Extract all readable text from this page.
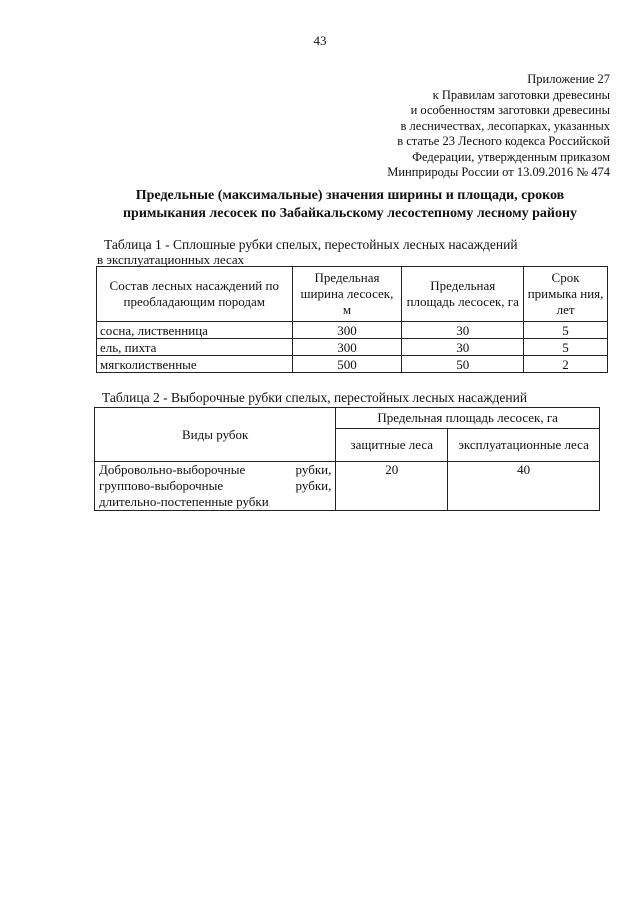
43
Приложение 27
к Правилам заготовки древесины
и особенностям заготовки древесины
в лесничествах, лесопарках, указанных
в статье 23 Лесного кодекса Российской
Федерации, утвержденным приказом
Минприроды России от 13.09.2016 № 474
Предельные (максимальные) значения ширины и площади, сроков
примыкания лесосек по Забайкальскому лесостепному лесному району
Таблица 1 - Сплошные рубки спелых, перестойных лесных насаждений
в эксплуатационных лесах
Состав лесных насаждений по преобладающим породам	Предельная ширина лесосек, м	Предельная площадь лесосек, га	Срок примыка ния, лет
сосна, лиственница	300	30	5
ель, пихта	300	30	5
мягколиственные	500	50	2
Таблица 2 - Выборочные рубки спелых, перестойных лесных насаждений
Виды рубок	Предельная площадь лесосек, га	
	защитные леса	эксплуатационные леса

Добровольно-выборочные рубки,
группово-выборочные рубки,
длительно-постепенные рубки	20	40
